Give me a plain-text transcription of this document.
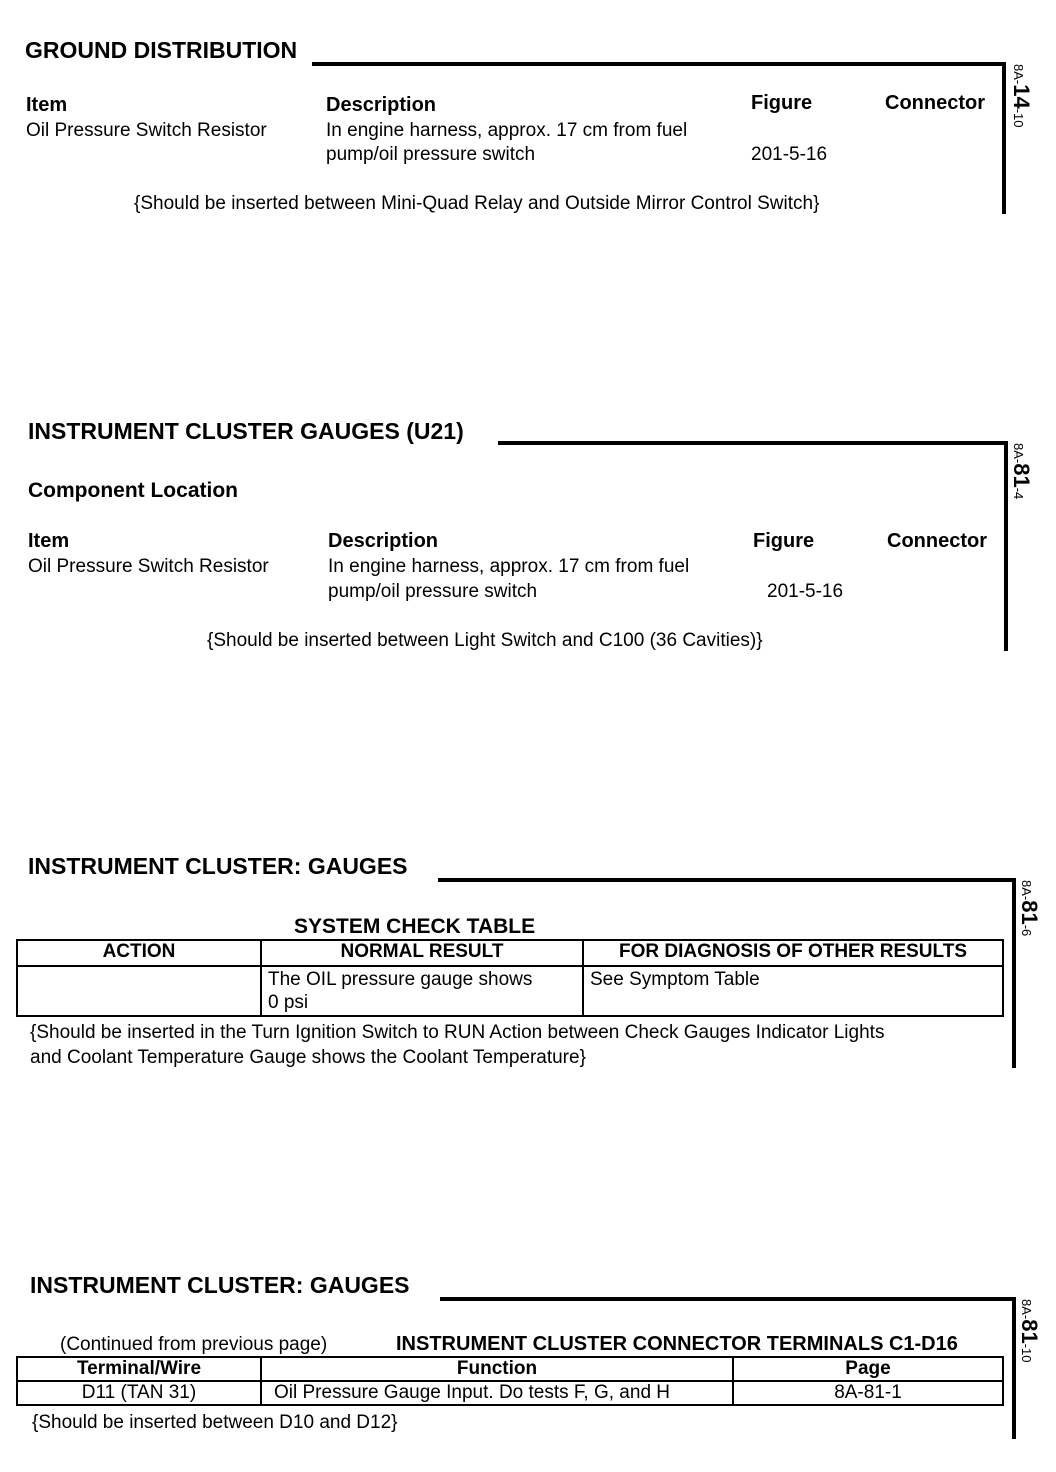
GROUND DISTRIBUTION
8A-14-10
Item	Description	Figure	Connector
Oil Pressure Switch Resistor	In engine harness, approx. 17 cm from fuel
pump/oil pressure switch	201-5-16
{Should be inserted between Mini-Quad Relay and Outside Mirror Control Switch}
INSTRUMENT CLUSTER GAUGES (U21)
8A-81-4
Component Location
Item	Description	Figure	Connector
Oil Pressure Switch Resistor	In engine harness, approx. 17 cm from fuel
pump/oil pressure switch	201-5-16
{Should be inserted between Light Switch and C100 (36 Cavities)}
INSTRUMENT CLUSTER: GAUGES
8A-81-6
SYSTEM CHECK TABLE
ACTION	NORMAL RESULT	FOR DIAGNOSIS OF OTHER RESULTS

	The OIL pressure gauge shows
0 psi	See Symptom Table
{Should be inserted in the Turn Ignition Switch to RUN Action between Check Gauges Indicator Lights
and Coolant Temperature Gauge shows the Coolant Temperature}
INSTRUMENT CLUSTER: GAUGES
8A-81-10
(Continued from previous page)	INSTRUMENT CLUSTER CONNECTOR TERMINALS C1-D16
Terminal/Wire	Function	Page
D11 (TAN 31)	Oil Pressure Gauge Input. Do tests F, G, and H	8A-81-1
{Should be inserted between D10 and D12}
